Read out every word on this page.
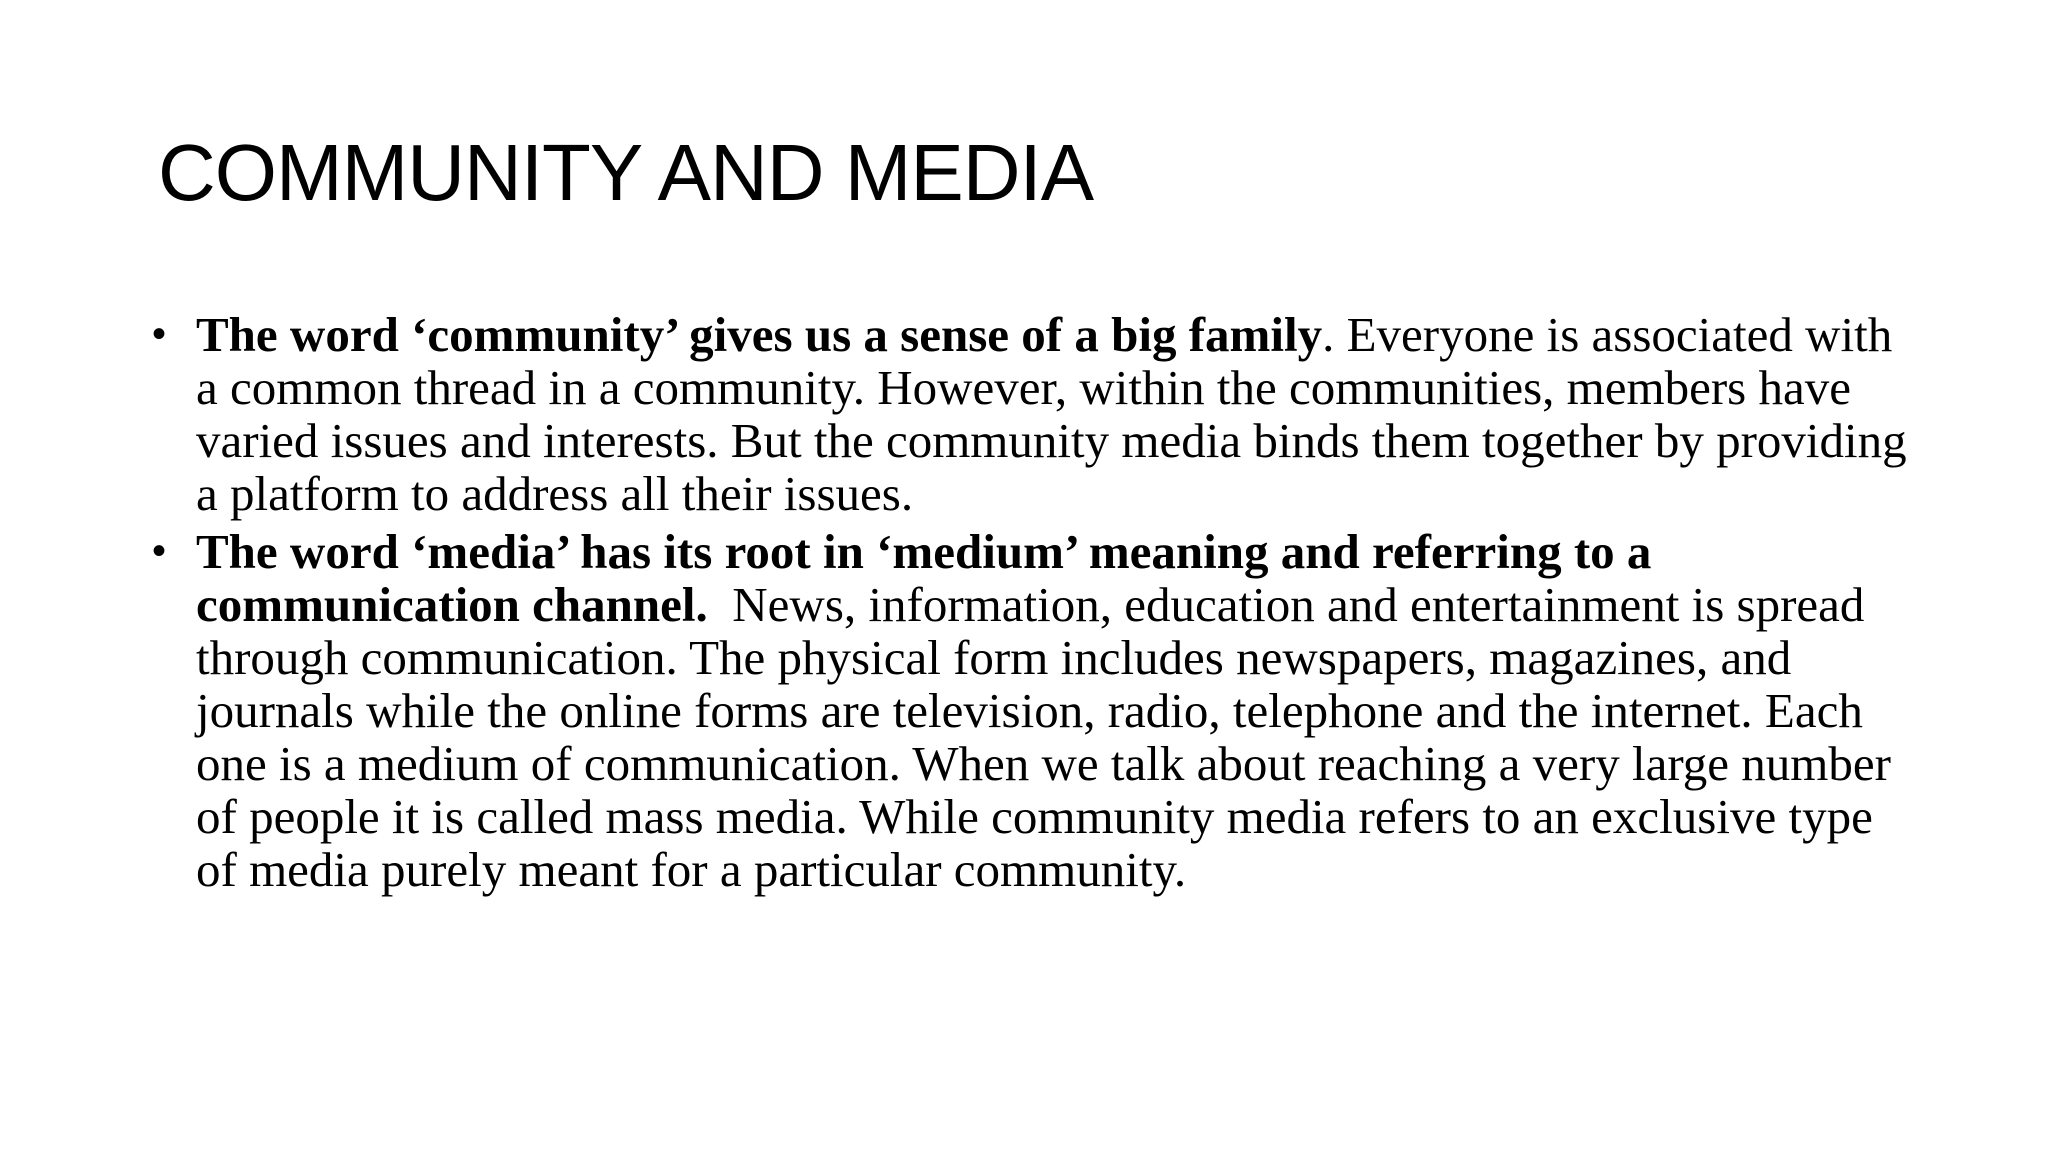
COMMUNITY AND MEDIA
• The word ‘community’ gives us a sense of a big family. Everyone is associated with a common thread in a community. However, within the communities, members have varied issues and interests. But the community media binds them together by providing a platform to address all their issues.
• The word ‘media’ has its root in ‘medium’ meaning and referring to a communication channel.  News, information, education and entertainment is spread through communication. The physical form includes newspapers, magazines, and journals while the online forms are television, radio, telephone and the internet. Each one is a medium of communication. When we talk about reaching a very large number of people it is called mass media. While community media refers to an exclusive type of media purely meant for a particular community.
